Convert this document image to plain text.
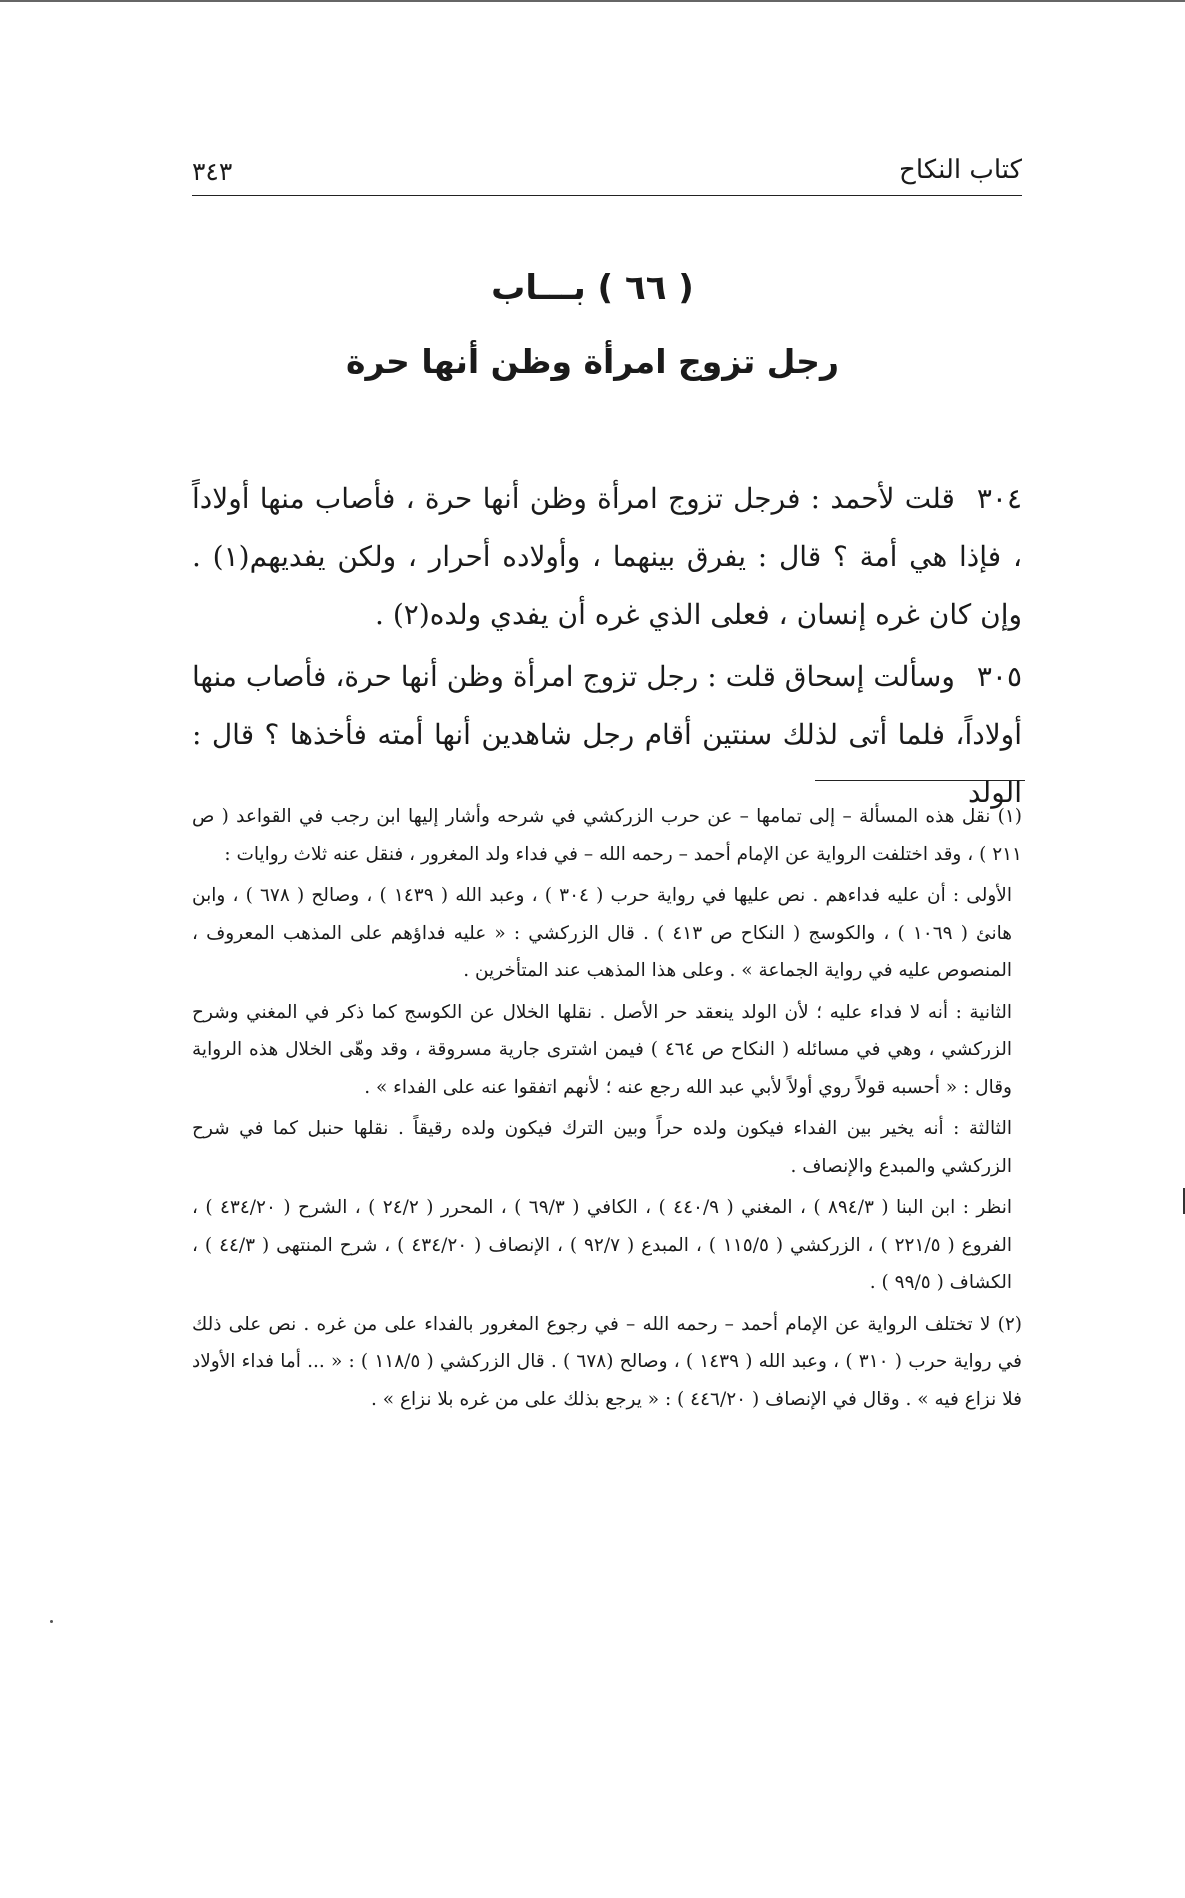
كتاب النكاح
٣٤٣
( ٦٦ ) بـــاب
رجل تزوج امرأة وظن أنها حرة
٣٠٤قلت لأحمد : فرجل تزوج امرأة وظن أنها حرة ، فأصاب منها أولاداً ، فإذا هي أمة ؟ قال : يفرق بينهما ، وأولاده أحرار ، ولكن يفديهم(١) . وإن كان غره إنسان ، فعلى الذي غره أن يفدي ولده(٢) .
٣٠٥وسألت إسحاق قلت : رجل تزوج امرأة وظن أنها حرة، فأصاب منها أولاداً، فلما أتى لذلك سنتين أقام رجل شاهدين أنها أمته فأخذها ؟ قال : الولد

(١) نقل هذه المسألة – إلى تمامها – عن حرب الزركشي في شرحه وأشار إليها ابن رجب في القواعد ( ص ٢١١ ) ، وقد اختلفت الرواية عن الإمام أحمد – رحمه الله – في فداء ولد المغرور ، فنقل عنه ثلاث روايات :

الأولى : أن عليه فداءهم . نص عليها في رواية حرب ( ٣٠٤ ) ، وعبد الله ( ١٤٣٩ ) ، وصالح ( ٦٧٨ ) ، وابن هانئ ( ١٠٦٩ ) ، والكوسج ( النكاح ص ٤١٣ ) . قال الزركشي : « عليه فداؤهم على المذهب المعروف ، المنصوص عليه في رواية الجماعة » . وعلى هذا المذهب عند المتأخرين .

الثانية : أنه لا فداء عليه ؛ لأن الولد ينعقد حر الأصل . نقلها الخلال عن الكوسج كما ذكر في المغني وشرح الزركشي ، وهي في مسائله ( النكاح ص ٤٦٤ ) فيمن اشترى جارية مسروقة ، وقد وهّى الخلال هذه الرواية وقال : « أحسبه قولاً روي أولاً لأبي عبد الله رجع عنه ؛ لأنهم اتفقوا عنه على الفداء » .

الثالثة : أنه يخير بين الفداء فيكون ولده حراً وبين الترك فيكون ولده رقيقاً . نقلها حنبل كما في شرح الزركشي والمبدع والإنصاف .

انظر : ابن البنا ( ٨٩٤/٣ ) ، المغني ( ٤٤٠/٩ ) ، الكافي ( ٦٩/٣ ) ، المحرر ( ٢٤/٢ ) ، الشرح ( ٤٣٤/٢٠ ) ، الفروع ( ٢٢١/٥ ) ، الزركشي ( ١١٥/٥ ) ، المبدع ( ٩٢/٧ ) ، الإنصاف ( ٤٣٤/٢٠ ) ، شرح المنتهى ( ٤٤/٣ ) ، الكشاف ( ٩٩/٥ ) .

(٢) لا تختلف الرواية عن الإمام أحمد – رحمه الله – في رجوع المغرور بالفداء على من غره . نص على ذلك في رواية حرب ( ٣١٠ ) ، وعبد الله ( ١٤٣٩ ) ، وصالح (٦٧٨ ) . قال الزركشي ( ١١٨/٥ ) : « ... أما فداء الأولاد فلا نزاع فيه » . وقال في الإنصاف ( ٤٤٦/٢٠ ) : « يرجع بذلك على من غره بلا نزاع » .
